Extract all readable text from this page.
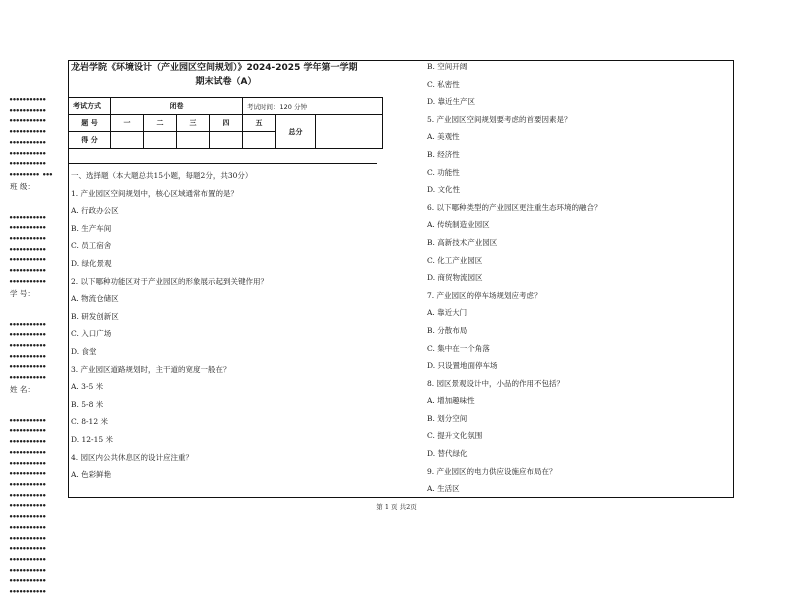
•••••••••••
•••••••••••
•••••••••••
•••••••••••
•••••••••••
•••••••••••
•••••••••••
••••••••• •••
班 级：
•••••••••••
•••••••••••
•••••••••••
•••••••••••
•••••••••••
•••••••••••
•••••••••••
学 号：
•••••••••••
•••••••••••
•••••••••••
•••••••••••
•••••••••••
•••••••••••
姓 名：
•••••••••••
•••••••••••
•••••••••••
•••••••••••
•••••••••••
•••••••••••
•••••••••••
•••••••••••
•••••••••••
•••••••••••
•••••••••••
•••••••••••
•••••••••••
•••••••••••
•••••••••••
•••••••••••
•••••••••••
龙岩学院《环境设计（产业园区空间规划）》2024-2025 学年第一学期
期末试卷（A）
考试方式	闭卷				考试时间：120 分钟		
题 号	一	二	三	四	五	总分	
得 分							
一、选择题（本大题总共15小题，每题2分，共30分）
1. 产业园区空间规划中，核心区域通常布置的是？
A. 行政办公区
B. 生产车间
C. 员工宿舍
D. 绿化景观
2. 以下哪种功能区对于产业园区的形象展示起到关键作用？
A. 物流仓储区
B. 研发创新区
C. 入口广场
D. 食堂
3. 产业园区道路规划时，主干道的宽度一般在？
A. 3-5 米
B. 5-8 米
C. 8-12 米
D. 12-15 米
4. 园区内公共休息区的设计应注重？
A. 色彩鲜艳
B. 空间开阔
C. 私密性
D. 靠近生产区
5. 产业园区空间规划要考虑的首要因素是？
A. 美观性
B. 经济性
C. 功能性
D. 文化性
6. 以下哪种类型的产业园区更注重生态环境的融合？
A. 传统制造业园区
B. 高新技术产业园区
C. 化工产业园区
D. 商贸物流园区
7. 产业园区的停车场规划应考虑？
A. 靠近大门
B. 分散布局
C. 集中在一个角落
D. 只设置地面停车场
8. 园区景观设计中，小品的作用不包括？
A. 增加趣味性
B. 划分空间
C. 提升文化氛围
D. 替代绿化
9. 产业园区的电力供应设施应布局在？
A. 生活区
第 1 页 共2页
